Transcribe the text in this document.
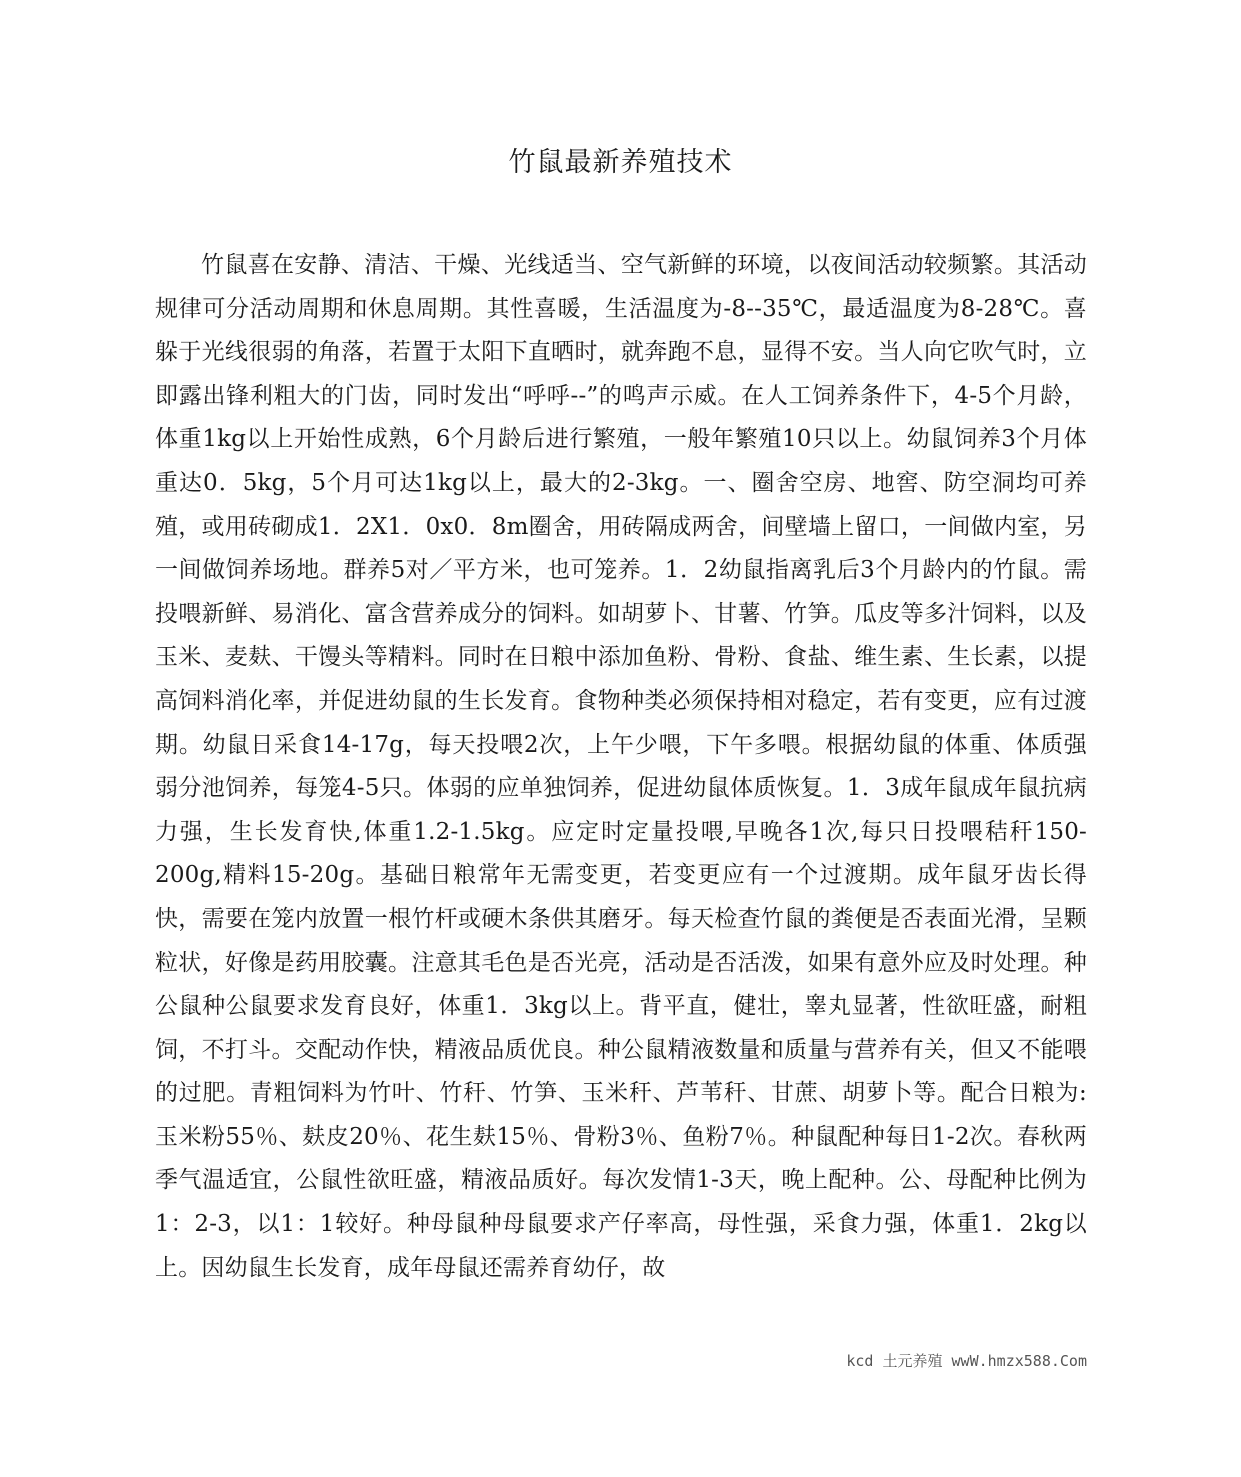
竹鼠最新养殖技术

竹鼠喜在安静、清洁、干燥、光线适当、空气新鲜的环境，以夜间活动较频繁。其活动规律可分活动周期和休息周期。其性喜暖，生活温度为-8--35℃，最适温度为8-28℃。喜躲于光线很弱的角落，若置于太阳下直晒时，就奔跑不息，显得不安。当人向它吹气时，立即露出锋利粗大的门齿，同时发出“呼呼--”的鸣声示威。在人工饲养条件下，4-5个月龄，体重1kg以上开始性成熟，6个月龄后进行繁殖，一般年繁殖10只以上。幼鼠饲养3个月体重达0．5kg，5个月可达1kg以上，最大的2-3kg。一、圈舍空房、地窖、防空洞均可养殖，或用砖砌成1．2X1．0x0．8m圈舍，用砖隔成两舍，间壁墙上留口，一间做内室，另一间做饲养场地。群养5对／平方米，也可笼养。1．2幼鼠指离乳后3个月龄内的竹鼠。需投喂新鲜、易消化、富含营养成分的饲料。如胡萝卜、甘薯、竹笋。瓜皮等多汁饲料，以及玉米、麦麸、干馒头等精料。同时在日粮中添加鱼粉、骨粉、食盐、维生素、生长素，以提高饲料消化率，并促进幼鼠的生长发育。食物种类必须保持相对稳定，若有变更，应有过渡期。幼鼠日采食14-17g，每天投喂2次，上午少喂，下午多喂。根据幼鼠的体重、体质强弱分池饲养，每笼4-5只。体弱的应单独饲养，促进幼鼠体质恢复。1．3成年鼠成年鼠抗病力强，生长发育快,体重1.2-1.5kg。应定时定量投喂,早晚各1次,每只日投喂秸秆150-200g,精料15-20g。基础日粮常年无需变更，若变更应有一个过渡期。成年鼠牙齿长得快，需要在笼内放置一根竹杆或硬木条供其磨牙。每天检查竹鼠的粪便是否表面光滑，呈颗粒状，好像是药用胶囊。注意其毛色是否光亮，活动是否活泼，如果有意外应及时处理。种公鼠种公鼠要求发育良好，体重1．3kg以上。背平直，健壮，睾丸显著，性欲旺盛，耐粗饲，不打斗。交配动作快，精液品质优良。种公鼠精液数量和质量与营养有关，但又不能喂的过肥。青粗饲料为竹叶、竹秆、竹笋、玉米秆、芦苇秆、甘蔗、胡萝卜等。配合日粮为:玉米粉55％、麸皮20％、花生麸15％、骨粉3％、鱼粉7％。种鼠配种每日1-2次。春秋两季气温适宜，公鼠性欲旺盛，精液品质好。每次发情1-3天，晚上配种。公、母配种比例为1：2-3，以1：1较好。种母鼠种母鼠要求产仔率高，母性强，采食力强，体重1．2kg以上。因幼鼠生长发育，成年母鼠还需养育幼仔，故

kcd 土元养殖 wwW.hmzx588.Com
